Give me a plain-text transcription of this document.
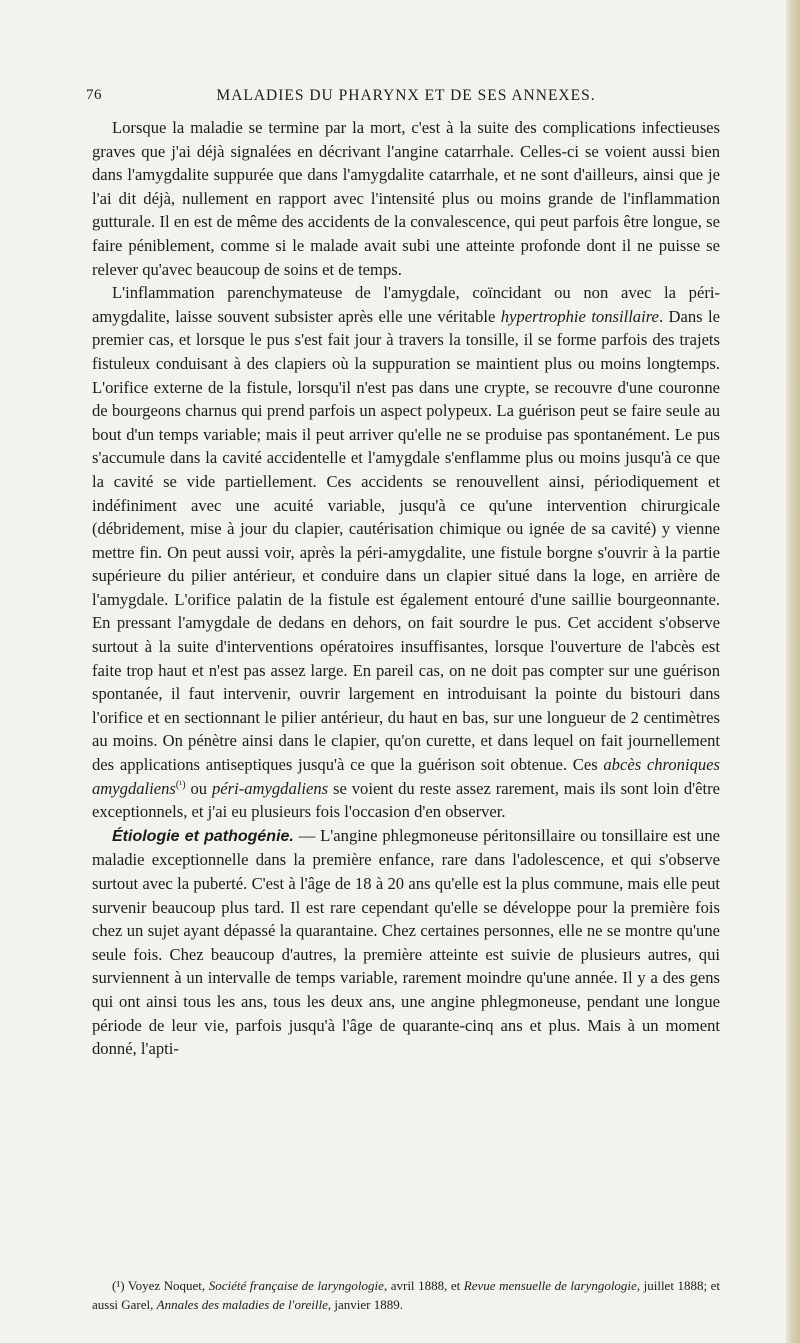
76	MALADIES DU PHARYNX ET DE SES ANNEXES.

Lorsque la maladie se termine par la mort, c'est à la suite des complications infectieuses graves que j'ai déjà signalées en décrivant l'angine catarrhale. Celles-ci se voient aussi bien dans l'amygdalite suppurée que dans l'amygdalite catarrhale, et ne sont d'ailleurs, ainsi que je l'ai dit déjà, nullement en rapport avec l'intensité plus ou moins grande de l'inflammation gutturale. Il en est de même des accidents de la convalescence, qui peut parfois être longue, se faire péniblement, comme si le malade avait subi une atteinte profonde dont il ne puisse se relever qu'avec beaucoup de soins et de temps.

L'inflammation parenchymateuse de l'amygdale, coïncidant ou non avec la péri-amygdalite, laisse souvent subsister après elle une véritable hypertrophie tonsillaire. Dans le premier cas, et lorsque le pus s'est fait jour à travers la tonsille, il se forme parfois des trajets fistuleux conduisant à des clapiers où la suppuration se maintient plus ou moins longtemps. L'orifice externe de la fistule, lorsqu'il n'est pas dans une crypte, se recouvre d'une couronne de bourgeons charnus qui prend parfois un aspect polypeux. La guérison peut se faire seule au bout d'un temps variable; mais il peut arriver qu'elle ne se produise pas spontanément. Le pus s'accumule dans la cavité accidentelle et l'amygdale s'enflamme plus ou moins jusqu'à ce que la cavité se vide partiellement. Ces accidents se renouvellent ainsi, périodiquement et indéfiniment avec une acuité variable, jusqu'à ce qu'une intervention chirurgicale (débridement, mise à jour du clapier, cautérisation chimique ou ignée de sa cavité) y vienne mettre fin. On peut aussi voir, après la péri-amygdalite, une fistule borgne s'ouvrir à la partie supérieure du pilier antérieur, et conduire dans un clapier situé dans la loge, en arrière de l'amygdale. L'orifice palatin de la fistule est également entouré d'une saillie bourgeonnante. En pressant l'amygdale de dedans en dehors, on fait sourdre le pus. Cet accident s'observe surtout à la suite d'interventions opératoires insuffisantes, lorsque l'ouverture de l'abcès est faite trop haut et n'est pas assez large. En pareil cas, on ne doit pas compter sur une guérison spontanée, il faut intervenir, ouvrir largement en introduisant la pointe du bistouri dans l'orifice et en sectionnant le pilier antérieur, du haut en bas, sur une longueur de 2 centimètres au moins. On pénètre ainsi dans le clapier, qu'on curette, et dans lequel on fait journellement des applications antiseptiques jusqu'à ce que la guérison soit obtenue. Ces abcès chroniques amygdaliens$^{(^1)}$ ou péri-amygdaliens se voient du reste assez rarement, mais ils sont loin d'être exceptionnels, et j'ai eu plusieurs fois l'occasion d'en observer.

Étiologie et pathogénie. — L'angine phlegmoneuse péritonsillaire ou tonsillaire est une maladie exceptionnelle dans la première enfance, rare dans l'adolescence, et qui s'observe surtout avec la puberté. C'est à l'âge de 18 à 20 ans qu'elle est la plus commune, mais elle peut survenir beaucoup plus tard. Il est rare cependant qu'elle se développe pour la première fois chez un sujet ayant dépassé la quarantaine. Chez certaines personnes, elle ne se montre qu'une seule fois. Chez beaucoup d'autres, la première atteinte est suivie de plusieurs autres, qui surviennent à un intervalle de temps variable, rarement moindre qu'une année. Il y a des gens qui ont ainsi tous les ans, tous les deux ans, une angine phlegmoneuse, pendant une longue période de leur vie, parfois jusqu'à l'âge de quarante-cinq ans et plus. Mais à un moment donné, l'apti-

(¹) Voyez Noquet, Société française de laryngologie, avril 1888, et Revue mensuelle de laryngologie, juillet 1888; et aussi Garel, Annales des maladies de l'oreille, janvier 1889.
